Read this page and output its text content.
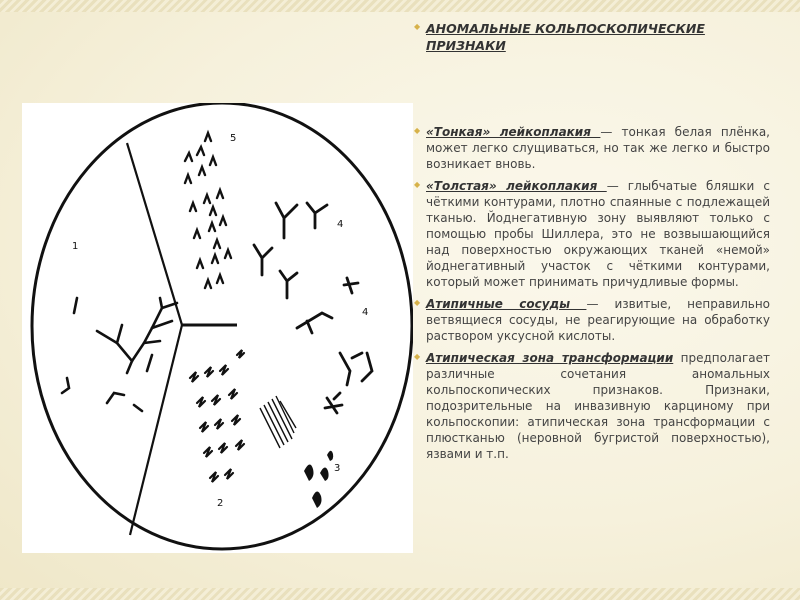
1
2
3
4
4
5
◆ АНОМАЛЬНЫЕ КОЛЬПОСКОПИЧЕСКИЕ ПРИЗНАКИ

◆ «Тонкая» лейкоплакия — тонкая белая плёнка, может легко слущиваться, но так же легко и быстро возникает вновь.

◆ «Толстая» лейкоплакия — глыбчатые бляшки с чёткими контурами, плотно спаянные с подлежащей тканью. Йоднегативную зону выявляют только с помощью пробы Шиллера, это не возвышающийся над поверхностью окружающих тканей «немой» йоднегативный участок с чёткими контурами, который может принимать причудливые формы.

◆ Атипичные сосуды — извитые, неправильно ветвящиеся сосуды, не реагирующие на обработку раствором уксусной кислоты.

◆ Атипическая зона трансформации предполагает различные сочетания аномальных кольпоскопических признаков. Признаки, подозрительные на инвазивную карциному при кольпоскопии: атипическая зона трансформации с плюстканью (неровной бугристой поверхностью), язвами и т.п.
